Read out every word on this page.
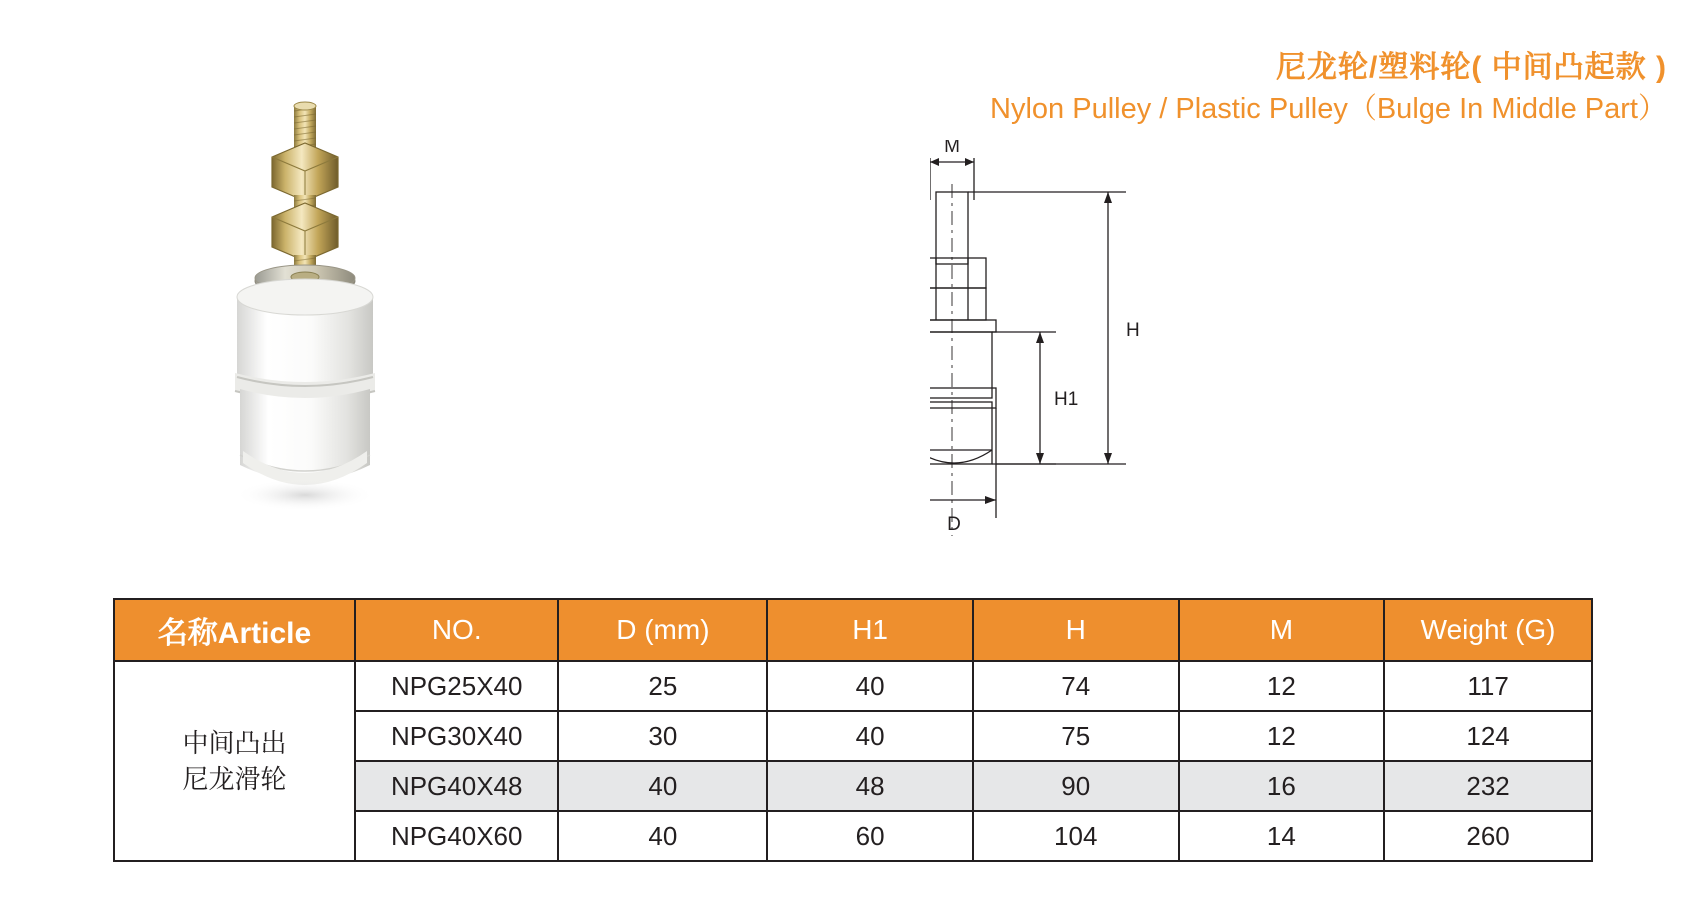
尼龙轮/塑料轮( 中间凸起款 )
Nylon Pulley / Plastic Pulley（Bulge In Middle Part）
M
H
H1
D
名称Article	NO.	D (mm)	H1	H	M	Weight (G)

中间凸出
尼龙滑轮	NPG25X40	25	40	74	12	117
	NPG30X40	30	40	75	12	124
	NPG40X48	40	48	90	16	232
	NPG40X60	40	60	104	14	260
